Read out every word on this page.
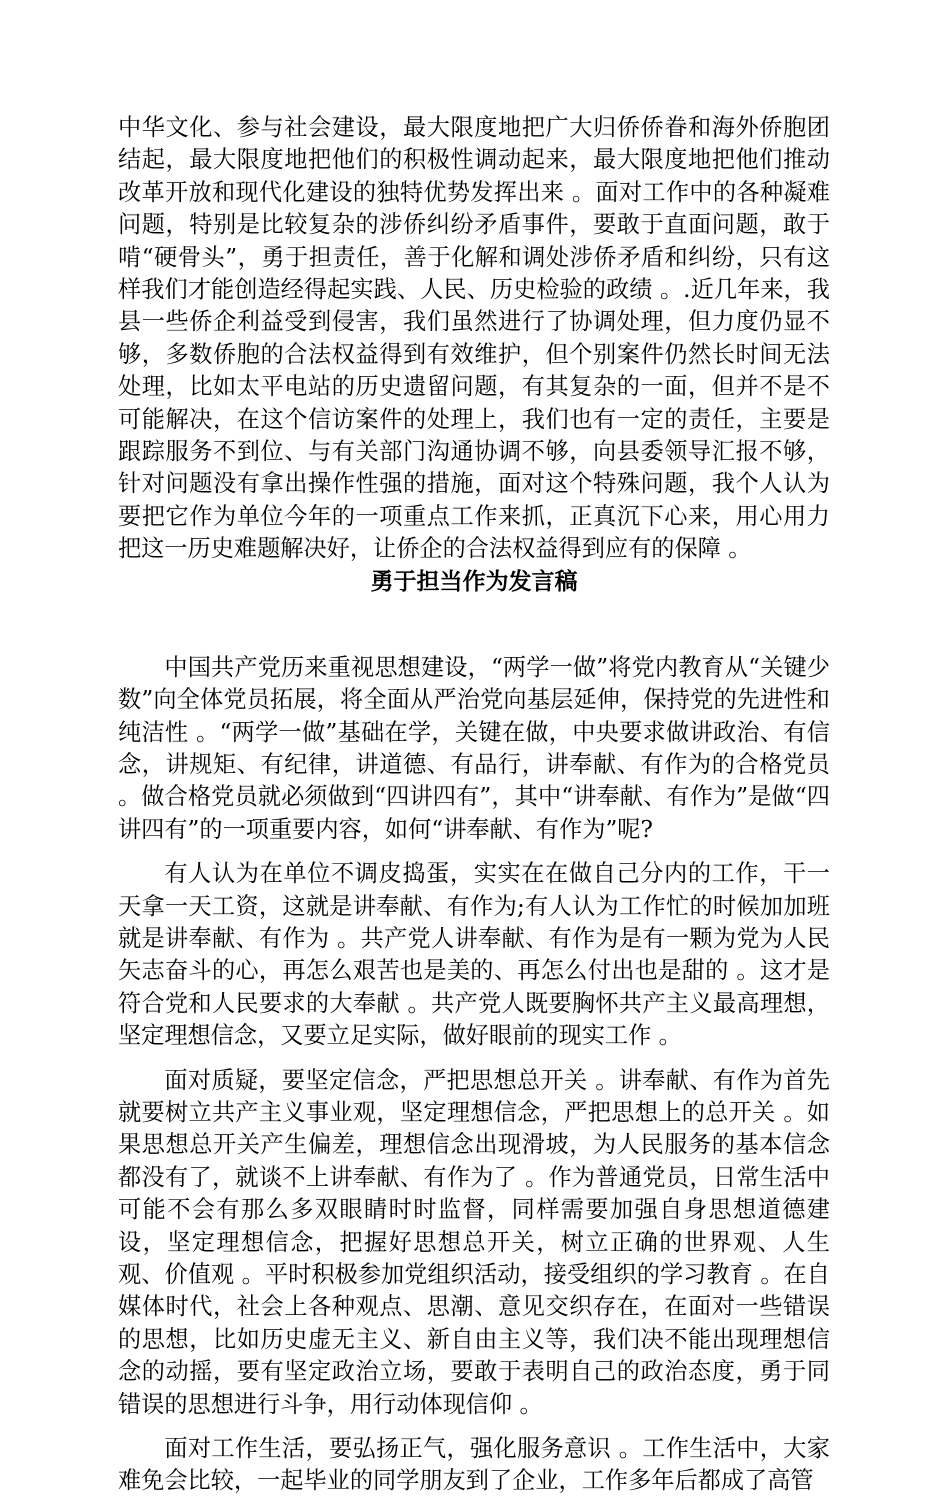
中华文化、参与社会建设，最大限度地把广大归侨侨眷和海外侨胞团结起，最大限度地把他们的积极性调动起来，最大限度地把他们推动改革开放和现代化建设的独特优势发挥出来 。面对工作中的各种凝难问题，特别是比较复杂的涉侨纠纷矛盾事件，要敢于直面问题，敢于啃“硬骨头”，勇于担责任，善于化解和调处涉侨矛盾和纠纷，只有这样我们才能创造经得起实践、人民、历史检验的政绩 。.近几年来，我县一些侨企利益受到侵害，我们虽然进行了协调处理，但力度仍显不够，多数侨胞的合法权益得到有效维护，但个别案件仍然长时间无法处理，比如太平电站的历史遗留问题，有其复杂的一面，但并不是不可能解决，在这个信访案件的处理上，我们也有一定的责任，主要是跟踪服务不到位、与有关部门沟通协调不够，向县委领导汇报不够，针对问题没有拿出操作性强的措施，面对这个特殊问题，我个人认为要把它作为单位今年的一项重点工作来抓，正真沉下心来，用心用力把这一历史难题解决好，让侨企的合法权益得到应有的保障 。

勇于担当作为发言稿

中国共产党历来重视思想建设，“两学一做”将党内教育从“关键少数”向全体党员拓展，将全面从严治党向基层延伸，保持党的先进性和纯洁性 。“两学一做”基础在学，关键在做，中央要求做讲政治、有信念，讲规矩、有纪律，讲道德、有品行，讲奉献、有作为的合格党员 。做合格党员就必须做到“四讲四有”，其中“讲奉献、有作为”是做“四讲四有”的一项重要内容，如何“讲奉献、有作为”呢?

有人认为在单位不调皮捣蛋，实实在在做自己分内的工作，干一天拿一天工资，这就是讲奉献、有作为;有人认为工作忙的时候加加班就是讲奉献、有作为 。共产党人讲奉献、有作为是有一颗为党为人民矢志奋斗的心，再怎么艰苦也是美的、再怎么付出也是甜的 。这才是符合党和人民要求的大奉献 。共产党人既要胸怀共产主义最高理想，坚定理想信念，又要立足实际，做好眼前的现实工作 。

面对质疑，要坚定信念，严把思想总开关 。讲奉献、有作为首先就要树立共产主义事业观，坚定理想信念，严把思想上的总开关 。如果思想总开关产生偏差，理想信念出现滑坡，为人民服务的基本信念都没有了，就谈不上讲奉献、有作为了 。作为普通党员，日常生活中可能不会有那么多双眼睛时时监督，同样需要加强自身思想道德建设，坚定理想信念，把握好思想总开关，树立正确的世界观、人生观、价值观 。平时积极参加党组织活动，接受组织的学习教育 。在自媒体时代，社会上各种观点、思潮、意见交织存在，在面对一些错误的思想，比如历史虚无主义、新自由主义等，我们决不能出现理想信念的动摇，要有坚定政治立场，要敢于表明自己的政治态度，勇于同错误的思想进行斗争，用行动体现信仰 。

面对工作生活，要弘扬正气，强化服务意识 。工作生活中，大家难免会比较，一起毕业的同学朋友到了企业，工作多年后都成了高管
